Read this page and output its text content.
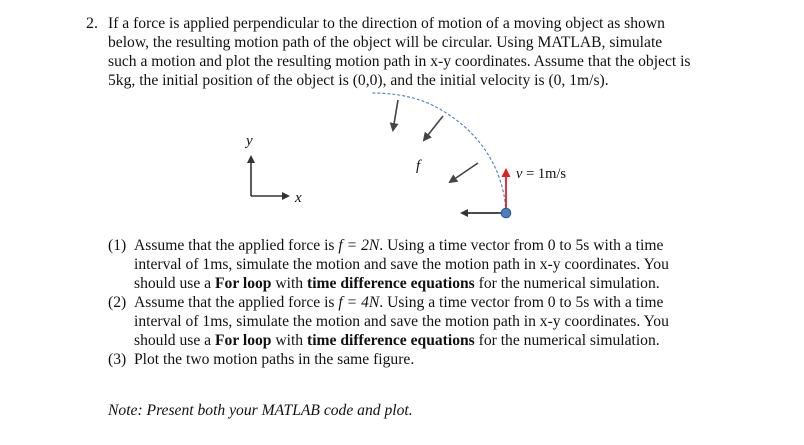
2. If a force is applied perpendicular to the direction of motion of a moving object as shown
below, the resulting motion path of the object will be circular. Using MATLAB, simulate
such a motion and plot the resulting motion path in x-y coordinates. Assume that the object is
5kg, the initial position of the object is (0,0), and the initial velocity is (0, 1m/s).

y
x
f	v = 1m/s
(1) Assume that the applied force is f = 2N. Using a time vector from 0 to 5s with a time
interval of 1ms, simulate the motion and save the motion path in x-y coordinates. You
should use a For loop with time difference equations for the numerical simulation.
(2) Assume that the applied force is f = 4N. Using a time vector from 0 to 5s with a time
interval of 1ms, simulate the motion and save the motion path in x-y coordinates. You
should use a For loop with time difference equations for the numerical simulation.
(3) Plot the two motion paths in the same figure.
Note: Present both your MATLAB code and plot.
